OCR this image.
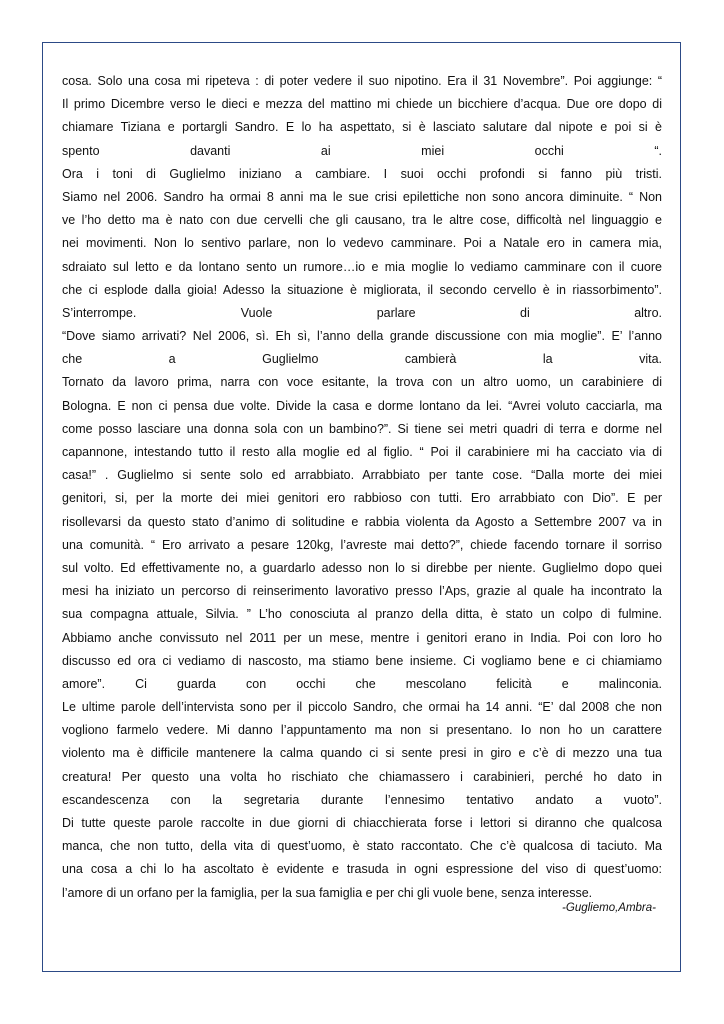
cosa. Solo una cosa mi ripeteva : di poter vedere il suo nipotino. Era il 31 Novembre”. Poi aggiunge: “
Il primo Dicembre verso le dieci e mezza del mattino mi chiede un bicchiere d’acqua. Due ore dopo di
chiamare Tiziana e portargli Sandro. E lo ha aspettato, si è lasciato salutare dal nipote e poi si è
spento davanti ai miei occhi “.
Ora i toni di Guglielmo iniziano a cambiare. I suoi occhi profondi si fanno più tristi.
Siamo nel 2006. Sandro ha ormai 8 anni ma le sue crisi epilettiche non sono ancora diminuite. “ Non
ve l’ho detto ma è nato con due cervelli che gli causano, tra le altre cose, difficoltà nel linguaggio e
nei movimenti. Non lo sentivo parlare, non lo vedevo camminare. Poi a Natale ero in camera mia,
sdraiato sul letto e da lontano sento un rumore…io e mia moglie lo vediamo camminare con il cuore
che ci esplode dalla gioia! Adesso la situazione è migliorata, il secondo cervello è in riassorbimento”.
S’interrompe. Vuole parlare di altro.
“Dove siamo arrivati? Nel 2006, sì. Eh sì, l’anno della grande discussione con mia moglie”. E’ l’anno
che a Guglielmo cambierà la vita.
Tornato da lavoro prima, narra con voce esitante, la trova con un altro uomo, un carabiniere di
Bologna. E non ci pensa due volte. Divide la casa e dorme lontano da lei. “Avrei voluto cacciarla, ma
come posso lasciare una donna sola con un bambino?”. Si tiene sei metri quadri di terra e dorme nel
capannone, intestando tutto il resto alla moglie ed al figlio. “ Poi il carabiniere mi ha cacciato via di
casa!” . Guglielmo si sente solo ed arrabbiato. Arrabbiato per tante cose. “Dalla morte dei miei
genitori, si, per la morte dei miei genitori ero rabbioso con tutti. Ero arrabbiato con Dio”. E per
risollevarsi da questo stato d’animo di solitudine e rabbia violenta da Agosto a Settembre 2007 va in
una comunità. “ Ero arrivato a pesare 120kg, l’avreste mai detto?”, chiede facendo tornare il sorriso
sul volto. Ed effettivamente no, a guardarlo adesso non lo si direbbe per niente. Guglielmo dopo quei
mesi ha iniziato un percorso di reinserimento lavorativo presso l’Aps, grazie al quale ha incontrato la
sua compagna attuale, Silvia. ” L’ho conosciuta al pranzo della ditta, è stato un colpo di fulmine.
Abbiamo anche convissuto nel 2011 per un mese, mentre i genitori erano in India. Poi con loro ho
discusso ed ora ci vediamo di nascosto, ma stiamo bene insieme. Ci vogliamo bene e ci chiamiamo
amore”. Ci guarda con occhi che mescolano felicità e malinconia.
Le ultime parole dell’intervista sono per il piccolo Sandro, che ormai ha 14 anni. “E’ dal 2008 che non
vogliono farmelo vedere. Mi danno l’appuntamento ma non si presentano. Io non ho un carattere
violento ma è difficile mantenere la calma quando ci si sente presi in giro e c’è di mezzo una tua
creatura! Per questo una volta ho rischiato che chiamassero i carabinieri, perché ho dato in
escandescenza con la segretaria durante l’ennesimo tentativo andato a vuoto”.
Di tutte queste parole raccolte in due giorni di chiacchierata forse i lettori si diranno che qualcosa
manca, che non tutto, della vita di quest’uomo, è stato raccontato. Che c’è qualcosa di taciuto. Ma
una cosa a chi lo ha ascoltato è evidente e trasuda in ogni espressione del viso di quest’uomo:
l’amore di un orfano per la famiglia, per la sua famiglia e per chi gli vuole bene, senza interesse.
-Gugliemo,Ambra-
